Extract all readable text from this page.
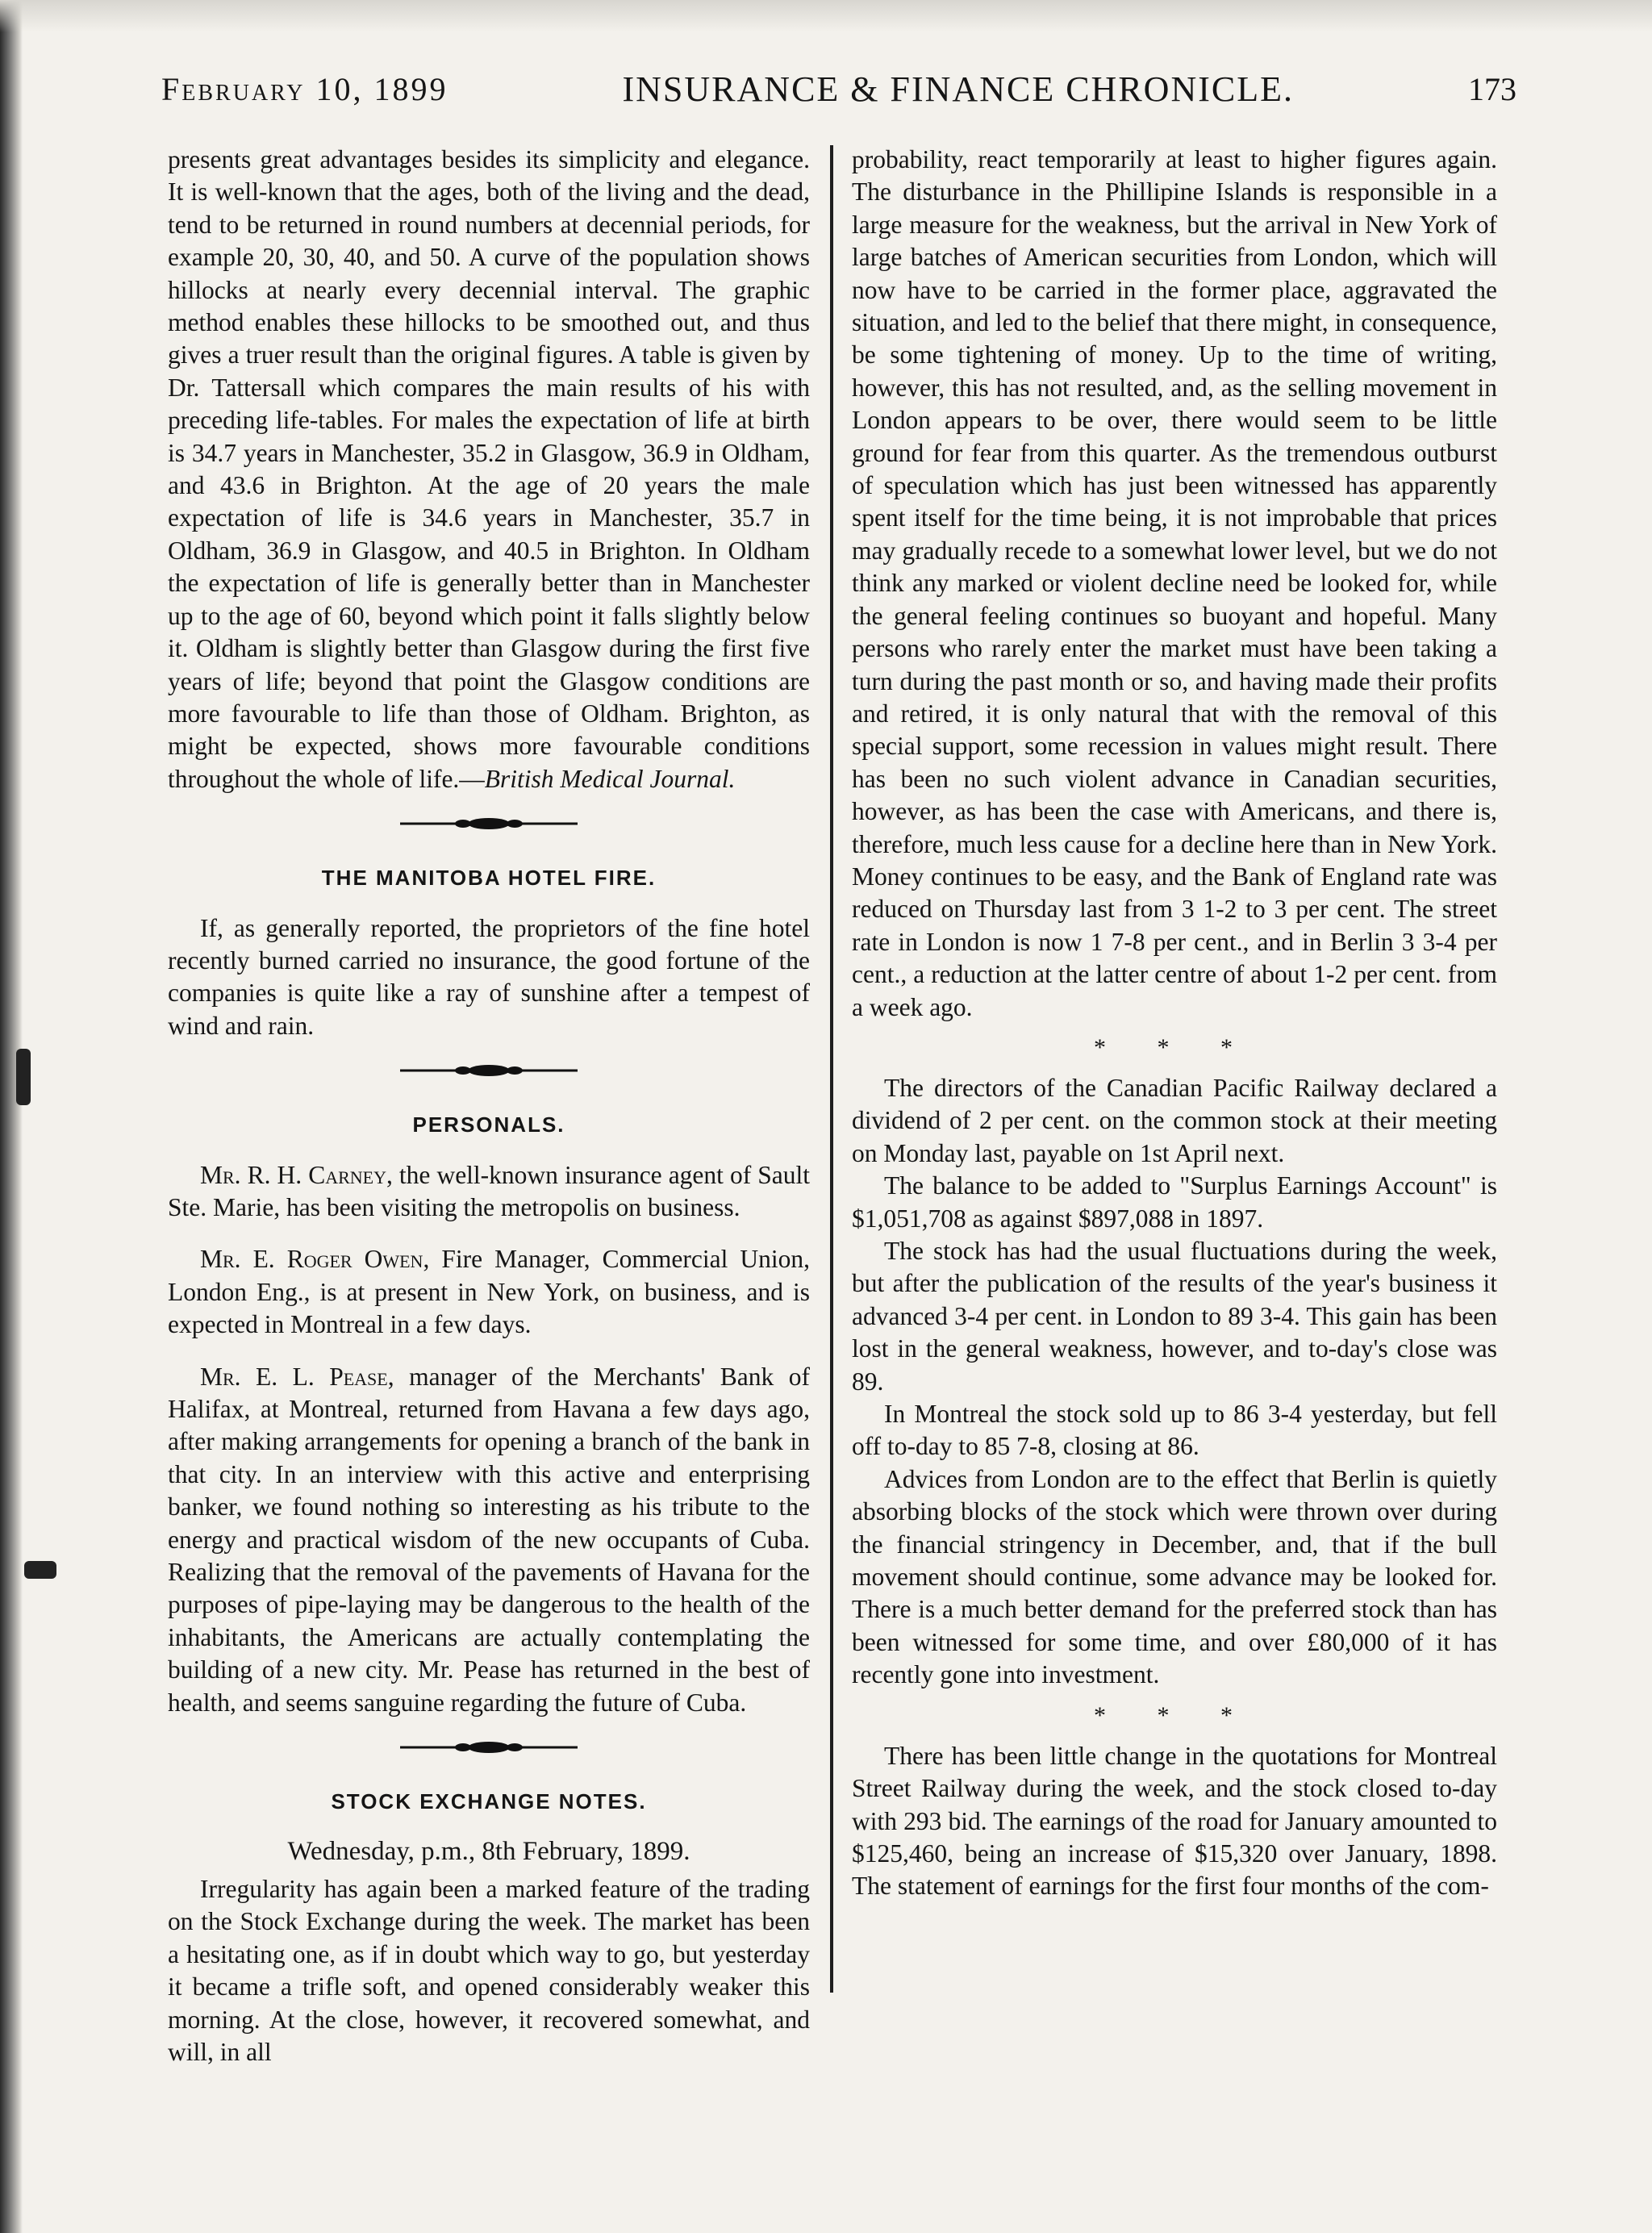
February 10, 1899	INSURANCE & FINANCE CHRONICLE.	173

presents great advantages besides its simplicity and elegance. It is well-known that the ages, both of the living and the dead, tend to be returned in round numbers at decennial periods, for example 20, 30, 40, and 50. A curve of the population shows hillocks at nearly every decennial interval. The graphic method enables these hillocks to be smoothed out, and thus gives a truer result than the original figures. A table is given by Dr. Tattersall which compares the main results of his with preceding life-tables. For males the expectation of life at birth is 34.7 years in Manchester, 35.2 in Glasgow, 36.9 in Oldham, and 43.6 in Brighton. At the age of 20 years the male expectation of life is 34.6 years in Manchester, 35.7 in Oldham, 36.9 in Glasgow, and 40.5 in Brighton. In Oldham the expectation of life is generally better than in Manchester up to the age of 60, beyond which point it falls slightly below it. Oldham is slightly better than Glasgow during the first five years of life; beyond that point the Glasgow conditions are more favourable to life than those of Oldham. Brighton, as might be expected, shows more favourable conditions throughout the whole of life.—British Medical Journal.

THE MANITOBA HOTEL FIRE.

If, as generally reported, the proprietors of the fine hotel recently burned carried no insurance, the good fortune of the companies is quite like a ray of sunshine after a tempest of wind and rain.

PERSONALS.

Mr. R. H. Carney, the well-known insurance agent of Sault Ste. Marie, has been visiting the metropolis on business.

Mr. E. Roger Owen, Fire Manager, Commercial Union, London Eng., is at present in New York, on business, and is expected in Montreal in a few days.

Mr. E. L. Pease, manager of the Merchants' Bank of Halifax, at Montreal, returned from Havana a few days ago, after making arrangements for opening a branch of the bank in that city. In an interview with this active and enterprising banker, we found nothing so interesting as his tribute to the energy and practical wisdom of the new occupants of Cuba. Realizing that the removal of the pavements of Havana for the purposes of pipe-laying may be dangerous to the health of the inhabitants, the Americans are actually contemplating the building of a new city. Mr. Pease has returned in the best of health, and seems sanguine regarding the future of Cuba.

STOCK EXCHANGE NOTES.
Wednesday, p.m., 8th February, 1899.

Irregularity has again been a marked feature of the trading on the Stock Exchange during the week. The market has been a hesitating one, as if in doubt which way to go, but yesterday it became a trifle soft, and opened considerably weaker this morning. At the close, however, it recovered somewhat, and will, in all

probability, react temporarily at least to higher figures again. The disturbance in the Phillipine Islands is responsible in a large measure for the weakness, but the arrival in New York of large batches of American securities from London, which will now have to be carried in the former place, aggravated the situation, and led to the belief that there might, in consequence, be some tightening of money. Up to the time of writing, however, this has not resulted, and, as the selling movement in London appears to be over, there would seem to be little ground for fear from this quarter. As the tremendous outburst of speculation which has just been witnessed has apparently spent itself for the time being, it is not improbable that prices may gradually recede to a somewhat lower level, but we do not think any marked or violent decline need be looked for, while the general feeling continues so buoyant and hopeful. Many persons who rarely enter the market must have been taking a turn during the past month or so, and having made their profits and retired, it is only natural that with the removal of this special support, some recession in values might result. There has been no such violent advance in Canadian securities, however, as has been the case with Americans, and there is, therefore, much less cause for a decline here than in New York. Money continues to be easy, and the Bank of England rate was reduced on Thursday last from 3 1-2 to 3 per cent. The street rate in London is now 1 7-8 per cent., and in Berlin 3 3-4 per cent., a reduction at the latter centre of about 1-2 per cent. from a week ago.

* * *

The directors of the Canadian Pacific Railway declared a dividend of 2 per cent. on the common stock at their meeting on Monday last, payable on 1st April next.

The balance to be added to "Surplus Earnings Account" is $1,051,708 as against $897,088 in 1897.

The stock has had the usual fluctuations during the week, but after the publication of the results of the year's business it advanced 3-4 per cent. in London to 89 3-4. This gain has been lost in the general weakness, however, and to-day's close was 89.

In Montreal the stock sold up to 86 3-4 yesterday, but fell off to-day to 85 7-8, closing at 86.

Advices from London are to the effect that Berlin is quietly absorbing blocks of the stock which were thrown over during the financial stringency in December, and, that if the bull movement should continue, some advance may be looked for. There is a much better demand for the preferred stock than has been witnessed for some time, and over £80,000 of it has recently gone into investment.

* * *

There has been little change in the quotations for Montreal Street Railway during the week, and the stock closed to-day with 293 bid. The earnings of the road for January amounted to $125,460, being an increase of $15,320 over January, 1898. The statement of earnings for the first four months of the com-
